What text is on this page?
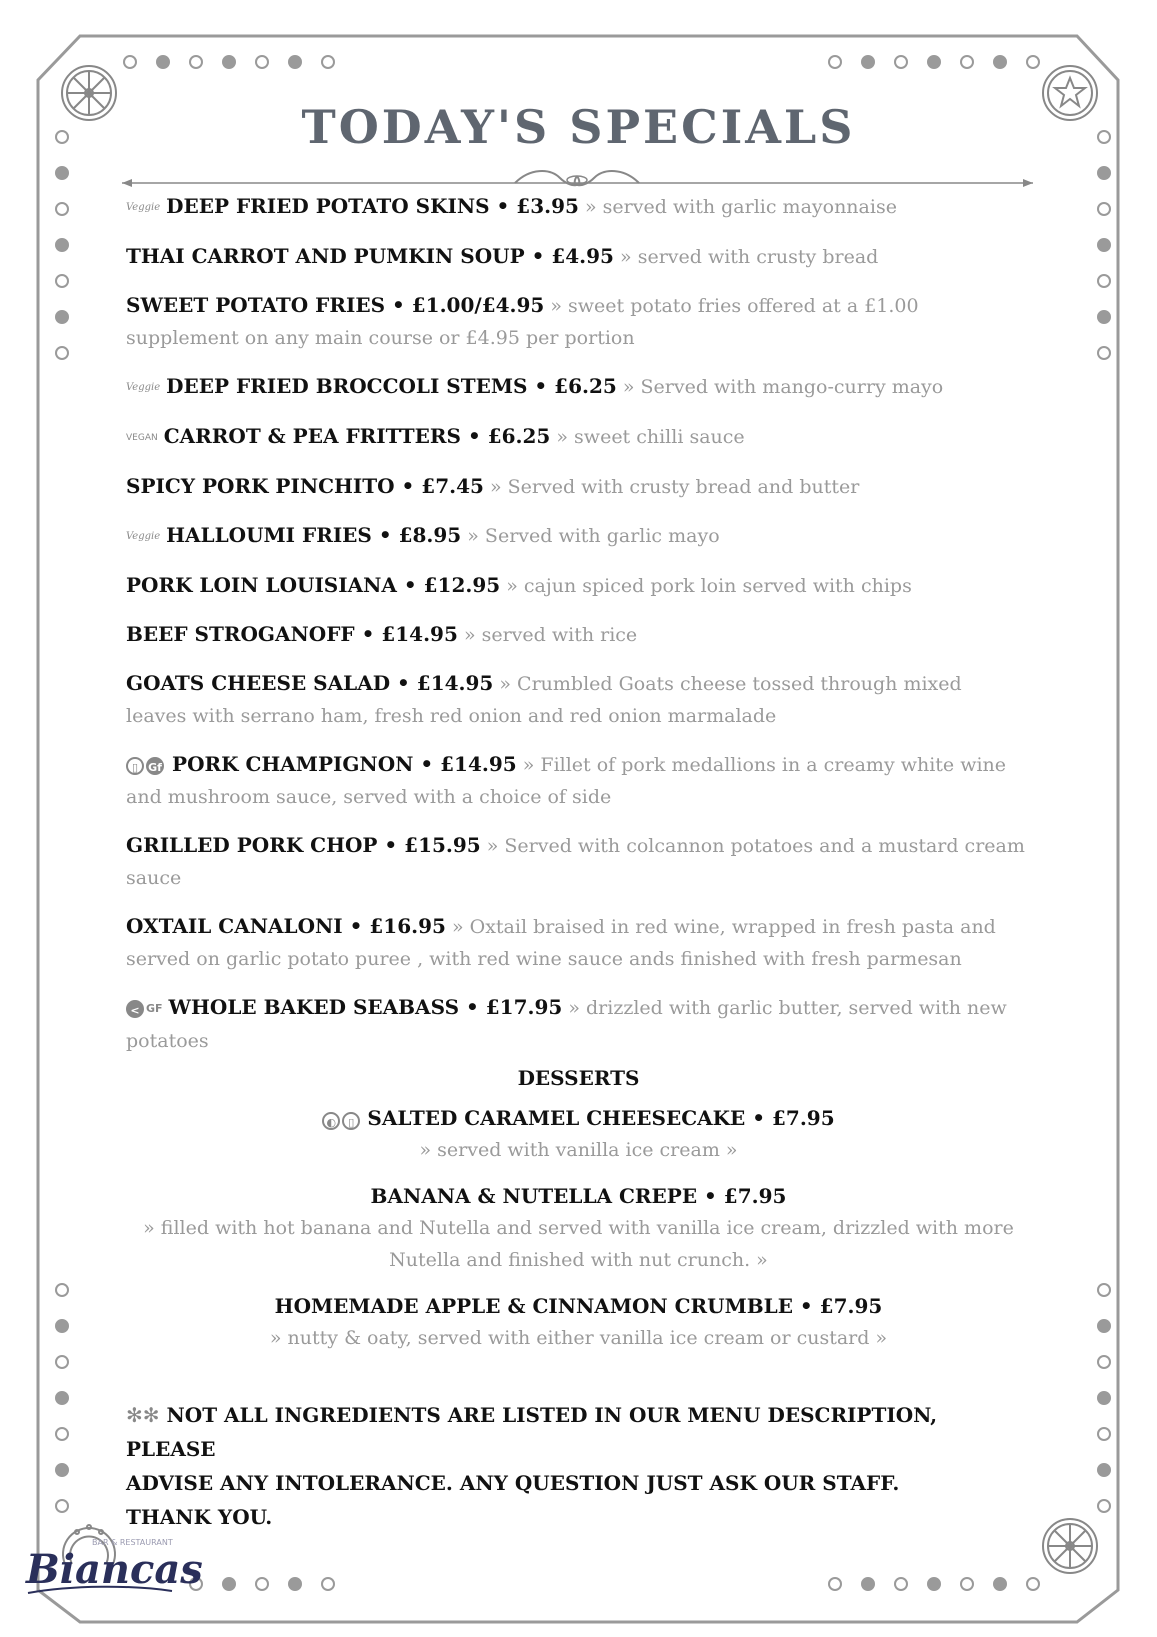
TODAY'S SPECIALS
Veggie DEEP FRIED POTATO SKINS • £3.95 » served with garlic mayonnaise
THAI CARROT AND PUMKIN SOUP • £4.95 » served with crusty bread
SWEET POTATO FRIES • £1.00/£4.95 » sweet potato fries offered at a £1.00 supplement on any main course or £4.95 per portion
Veggie DEEP FRIED BROCCOLI STEMS • £6.25 » Served with mango-curry mayo
VEGAN CARROT & PEA FRITTERS • £6.25 » sweet chilli sauce
SPICY PORK PINCHITO • £7.45 » Served with crusty bread and butter
Veggie HALLOUMI FRIES • £8.95 » Served with garlic mayo
PORK LOIN LOUISIANA • £12.95 » cajun spiced pork loin served with chips
BEEF STROGANOFF • £14.95 » served with rice
GOATS CHEESE SALAD • £14.95 » Crumbled Goats cheese tossed through mixed leaves with serrano ham, fresh red onion and red onion marmalade
▯ Gf PORK CHAMPIGNON • £14.95 » Fillet of pork medallions in a creamy white wine and mushroom sauce, served with a choice of side
GRILLED PORK CHOP • £15.95 » Served with colcannon potatoes and a mustard cream sauce
OXTAIL CANALONI • £16.95 » Oxtail braised in red wine, wrapped in fresh pasta and served on garlic potato puree , with red wine sauce ands finished with fresh parmesan
< GF WHOLE BAKED SEABASS • £17.95 » drizzled with garlic butter, served with new potatoes
DESSERTS
◐ ▯ SALTED CARAMEL CHEESECAKE • £7.95
» served with vanilla ice cream »
BANANA & NUTELLA CREPE • £7.95
» filled with hot banana and Nutella and served with vanilla ice cream, drizzled with more Nutella and finished with nut crunch. »
HOMEMADE APPLE & CINNAMON CRUMBLE • £7.95
» nutty & oaty, served with either vanilla ice cream or custard »
✻✻ NOT ALL INGREDIENTS ARE LISTED IN OUR MENU DESCRIPTION, PLEASE
ADVISE ANY INTOLERANCE. ANY QUESTION JUST ASK OUR STAFF.
THANK YOU.
BAR & RESTAURANT
Biancas
